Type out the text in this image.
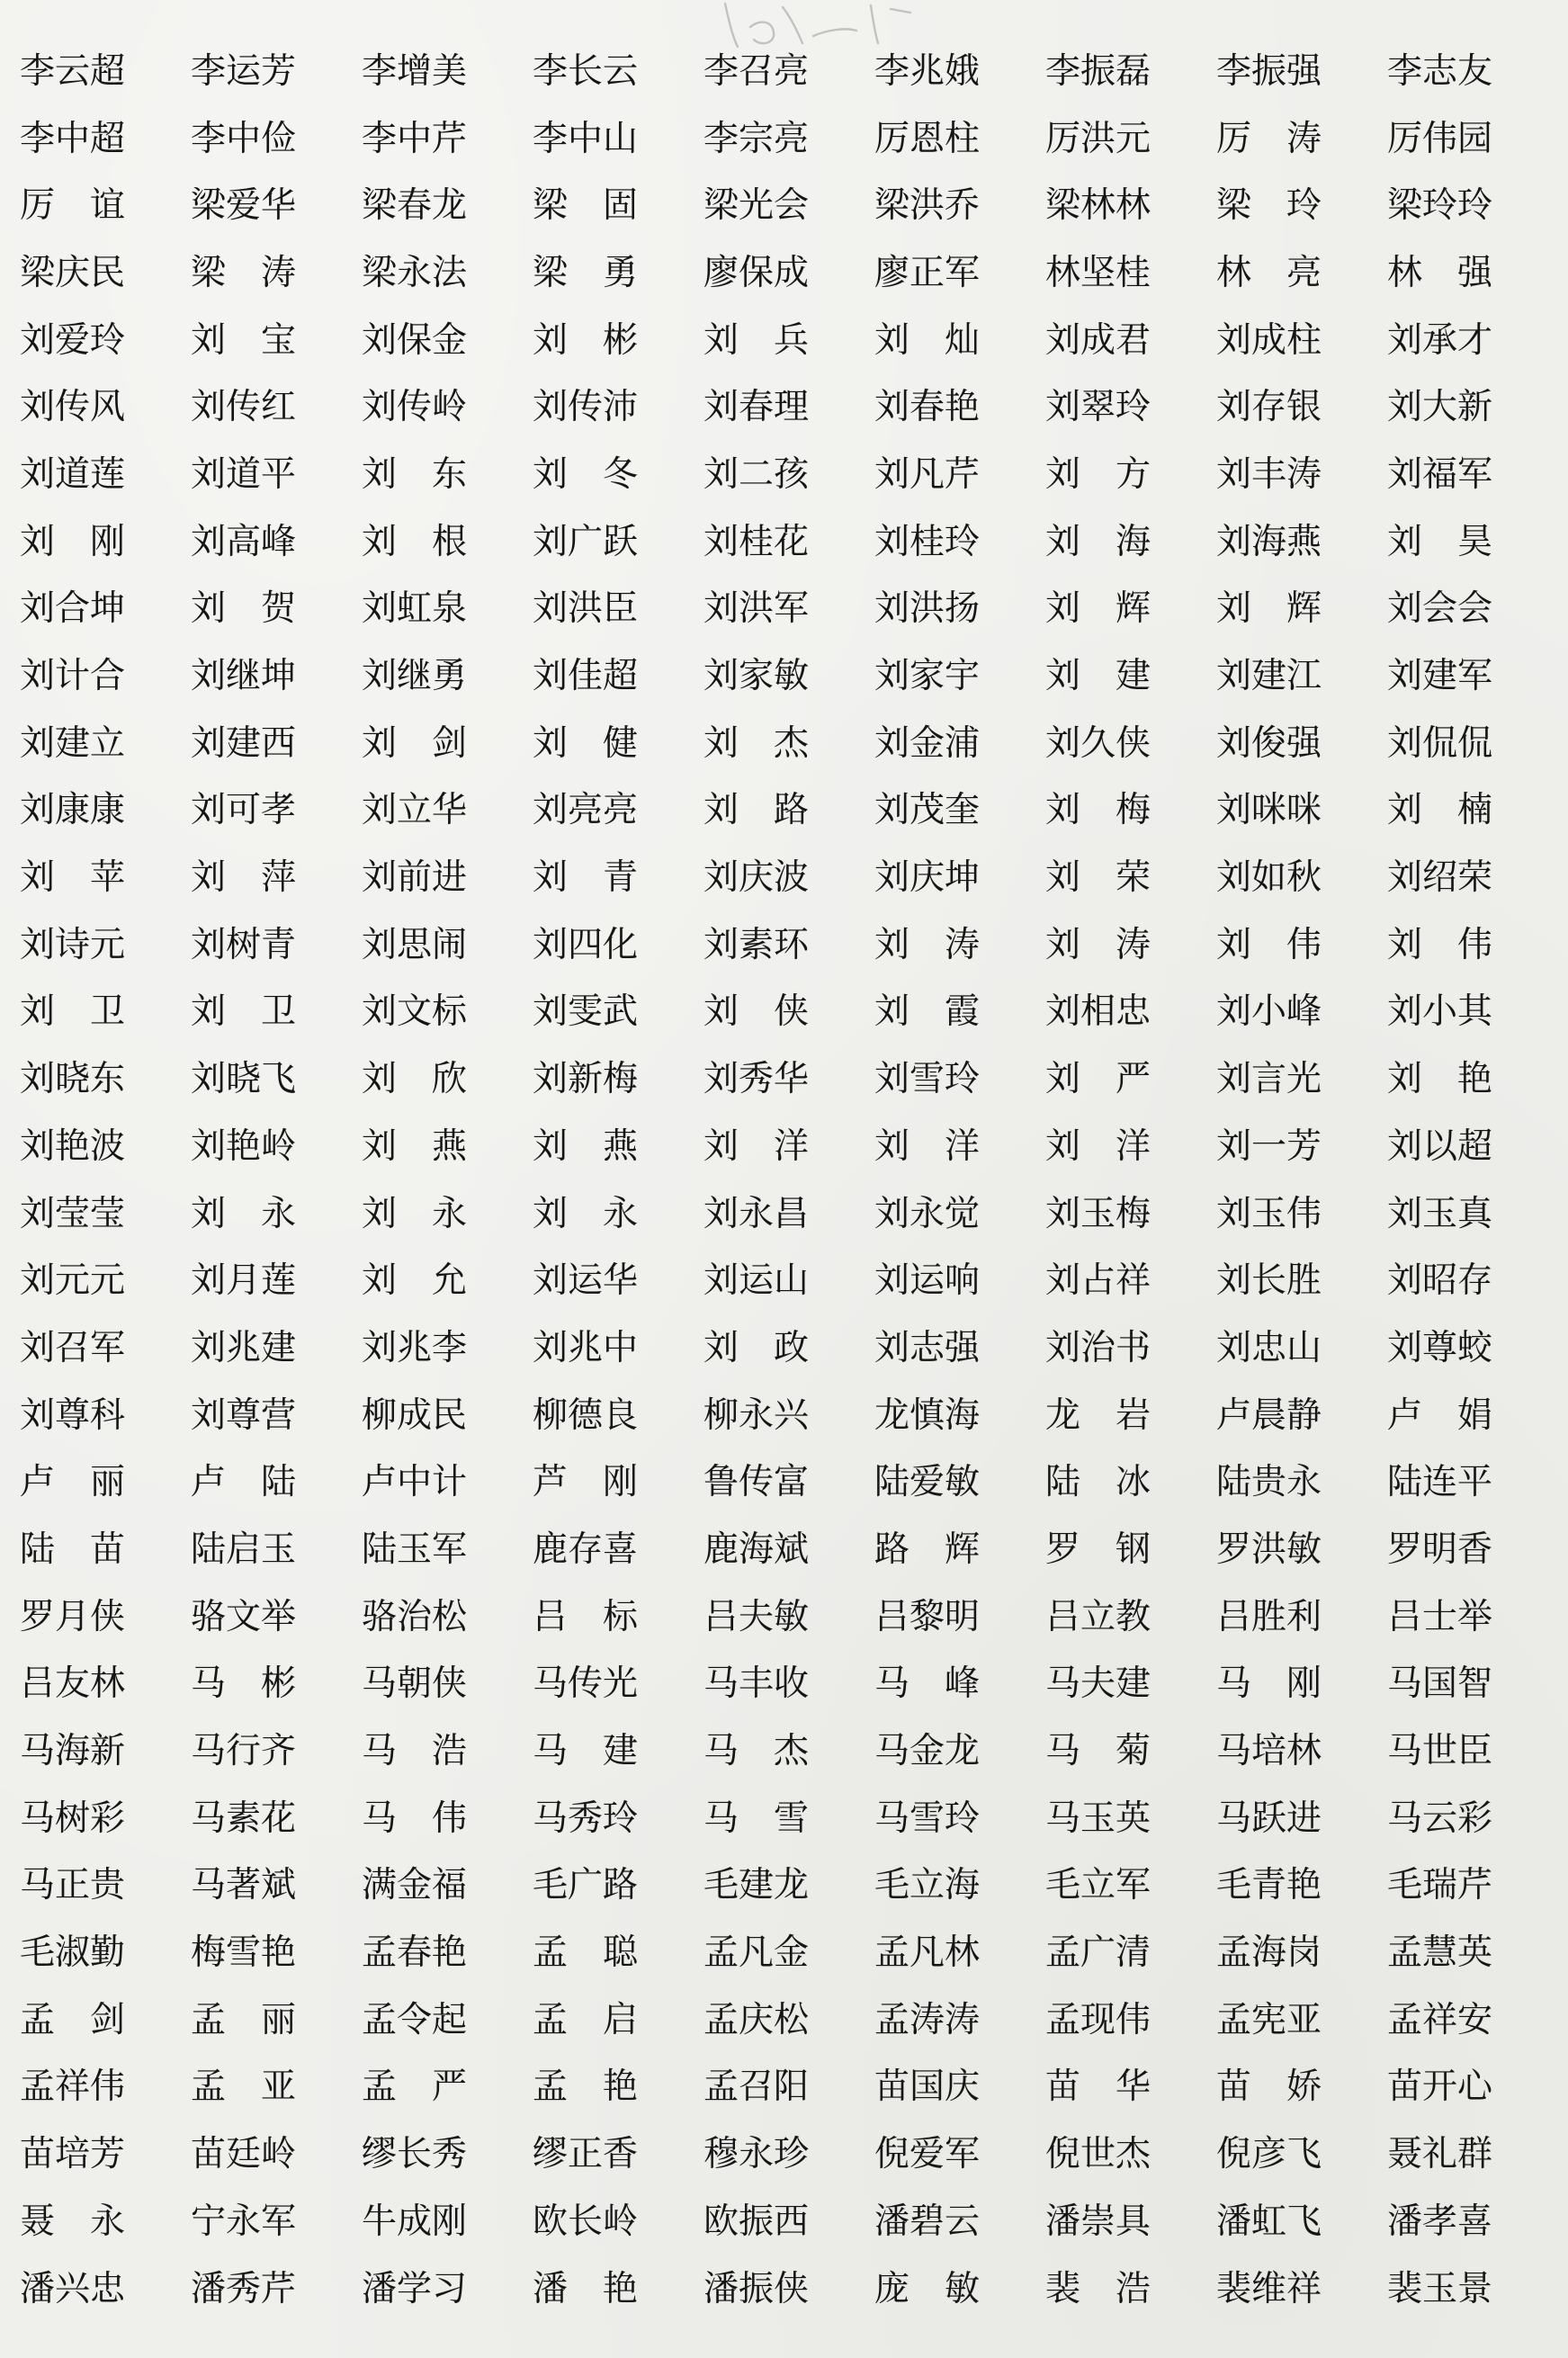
李云超	李运芳	李增美	李长云	李召亮	李兆娥	李振磊	李振强	李志友
李中超	李中俭	李中芹	李中山	李宗亮	厉恩柱	厉洪元	厉　涛	厉伟园
厉　谊	梁爱华	梁春龙	梁　固	梁光会	梁洪乔	梁林林	梁　玲	梁玲玲
梁庆民	梁　涛	梁永法	梁　勇	廖保成	廖正军	林坚桂	林　亮	林　强
刘爱玲	刘　宝	刘保金	刘　彬	刘　兵	刘　灿	刘成君	刘成柱	刘承才
刘传风	刘传红	刘传岭	刘传沛	刘春理	刘春艳	刘翠玲	刘存银	刘大新
刘道莲	刘道平	刘　东	刘　冬	刘二孩	刘凡芹	刘　方	刘丰涛	刘福军
刘　刚	刘高峰	刘　根	刘广跃	刘桂花	刘桂玲	刘　海	刘海燕	刘　昊
刘合坤	刘　贺	刘虹泉	刘洪臣	刘洪军	刘洪扬	刘　辉	刘　辉	刘会会
刘计合	刘继坤	刘继勇	刘佳超	刘家敏	刘家宇	刘　建	刘建江	刘建军
刘建立	刘建西	刘　剑	刘　健	刘　杰	刘金浦	刘久侠	刘俊强	刘侃侃
刘康康	刘可孝	刘立华	刘亮亮	刘　路	刘茂奎	刘　梅	刘咪咪	刘　楠
刘　苹	刘　萍	刘前进	刘　青	刘庆波	刘庆坤	刘　荣	刘如秋	刘绍荣
刘诗元	刘树青	刘思闹	刘四化	刘素环	刘　涛	刘　涛	刘　伟	刘　伟
刘　卫	刘　卫	刘文标	刘雯武	刘　侠	刘　霞	刘相忠	刘小峰	刘小其
刘晓东	刘晓飞	刘　欣	刘新梅	刘秀华	刘雪玲	刘　严	刘言光	刘　艳
刘艳波	刘艳岭	刘　燕	刘　燕	刘　洋	刘　洋	刘　洋	刘一芳	刘以超
刘莹莹	刘　永	刘　永	刘　永	刘永昌	刘永觉	刘玉梅	刘玉伟	刘玉真
刘元元	刘月莲	刘　允	刘运华	刘运山	刘运响	刘占祥	刘长胜	刘昭存
刘召军	刘兆建	刘兆李	刘兆中	刘　政	刘志强	刘治书	刘忠山	刘尊蛟
刘尊科	刘尊营	柳成民	柳德良	柳永兴	龙慎海	龙　岩	卢晨静	卢　娟
卢　丽	卢　陆	卢中计	芦　刚	鲁传富	陆爱敏	陆　冰	陆贵永	陆连平
陆　苗	陆启玉	陆玉军	鹿存喜	鹿海斌	路　辉	罗　钢	罗洪敏	罗明香
罗月侠	骆文举	骆治松	吕　标	吕夫敏	吕黎明	吕立教	吕胜利	吕士举
吕友林	马　彬	马朝侠	马传光	马丰收	马　峰	马夫建	马　刚	马国智
马海新	马行齐	马　浩	马　建	马　杰	马金龙	马　菊	马培林	马世臣
马树彩	马素花	马　伟	马秀玲	马　雪	马雪玲	马玉英	马跃进	马云彩
马正贵	马著斌	满金福	毛广路	毛建龙	毛立海	毛立军	毛青艳	毛瑞芹
毛淑勤	梅雪艳	孟春艳	孟　聪	孟凡金	孟凡林	孟广清	孟海岗	孟慧英
孟　剑	孟　丽	孟令起	孟　启	孟庆松	孟涛涛	孟现伟	孟宪亚	孟祥安
孟祥伟	孟　亚	孟　严	孟　艳	孟召阳	苗国庆	苗　华	苗　娇	苗开心
苗培芳	苗廷岭	缪长秀	缪正香	穆永珍	倪爱军	倪世杰	倪彦飞	聂礼群
聂　永	宁永军	牛成刚	欧长岭	欧振西	潘碧云	潘崇具	潘虹飞	潘孝喜
潘兴忠	潘秀芹	潘学习	潘　艳	潘振侠	庞　敏	裴　浩	裴维祥	裴玉景
